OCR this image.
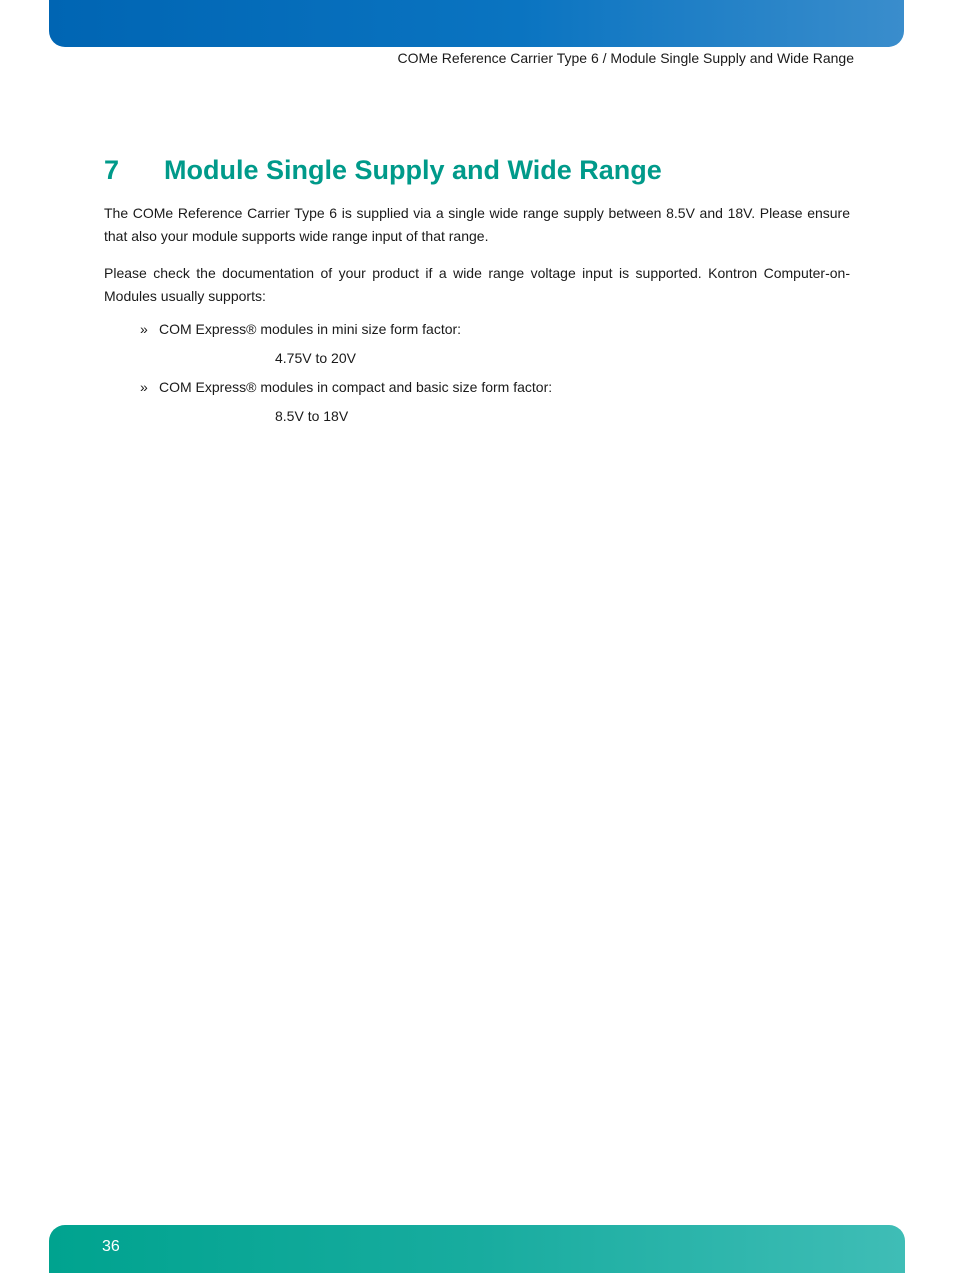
COMe Reference Carrier Type 6 / Module Single Supply and Wide Range
7 Module Single Supply and Wide Range

The COMe Reference Carrier Type 6 is supplied via a single wide range supply between 8.5V and 18V. Please ensure that also your module supports wide range input of that range.

Please check the documentation of your product if a wide range voltage input is supported. Kontron Computer-on-Modules usually supports:

» COM Express® modules in mini size form factor:
4.75V to 20V
» COM Express® modules in compact and basic size form factor:
8.5V to 18V
36
